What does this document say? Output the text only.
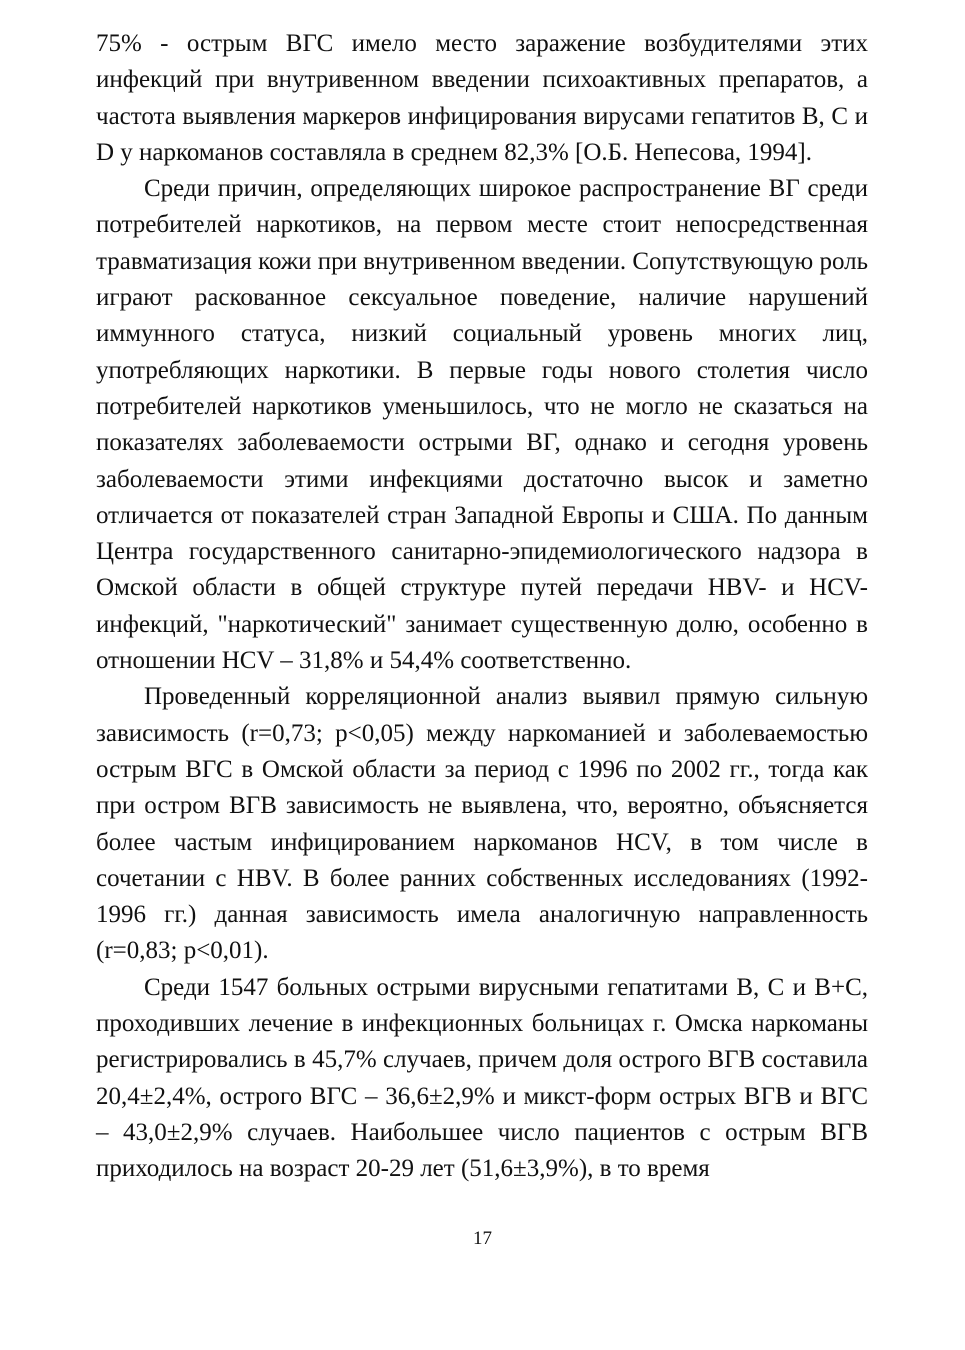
75% - острым ВГС имело место заражение возбудителями этих инфекций при внутривенном введении психоактивных препаратов, а частота выявления маркеров инфицирования вирусами гепатитов В, С и D у наркоманов составляла в среднем 82,3% [О.Б. Непесова, 1994].

Среди причин, определяющих широкое распространение ВГ среди потребителей наркотиков, на первом месте стоит непосредственная травматизация кожи при внутривенном введении. Сопутствующую роль играют раскованное сексуальное поведение, наличие нарушений иммунного статуса, низкий социальный уровень многих лиц, употребляющих наркотики. В первые годы нового столетия число потребителей наркотиков уменьшилось, что не могло не сказаться на показателях заболеваемости острыми ВГ, однако и сегодня уровень заболеваемости этими инфекциями достаточно высок и заметно отличается от показателей стран Западной Европы и США. По данным Центра государственного санитарно-эпидемиологического надзора в Омской области в общей структуре путей передачи HBV- и HCV-инфекций, "наркотический" занимает существенную долю, особенно в отношении HCV – 31,8% и 54,4% соответственно.

Проведенный корреляционной анализ выявил прямую сильную зависимость (r=0,73; p<0,05) между наркоманией и заболеваемостью острым ВГС в Омской области за период с 1996 по 2002 гг., тогда как при остром ВГВ зависимость не выявлена, что, вероятно, объясняется более частым инфицированием наркоманов HCV, в том числе в сочетании с HBV. В более ранних собственных исследованиях (1992-1996 гг.) данная зависимость имела аналогичную направленность (r=0,83; p<0,01).

Среди 1547 больных острыми вирусными гепатитами В, С и В+С, проходивших лечение в инфекционных больницах г. Омска наркоманы регистрировались в 45,7% случаев, причем доля острого ВГВ составила 20,4±2,4%, острого ВГС – 36,6±2,9% и микст-форм острых ВГВ и ВГС – 43,0±2,9% случаев. Наибольшее число пациентов с острым ВГВ приходилось на возраст 20-29 лет (51,6±3,9%), в то время

17
